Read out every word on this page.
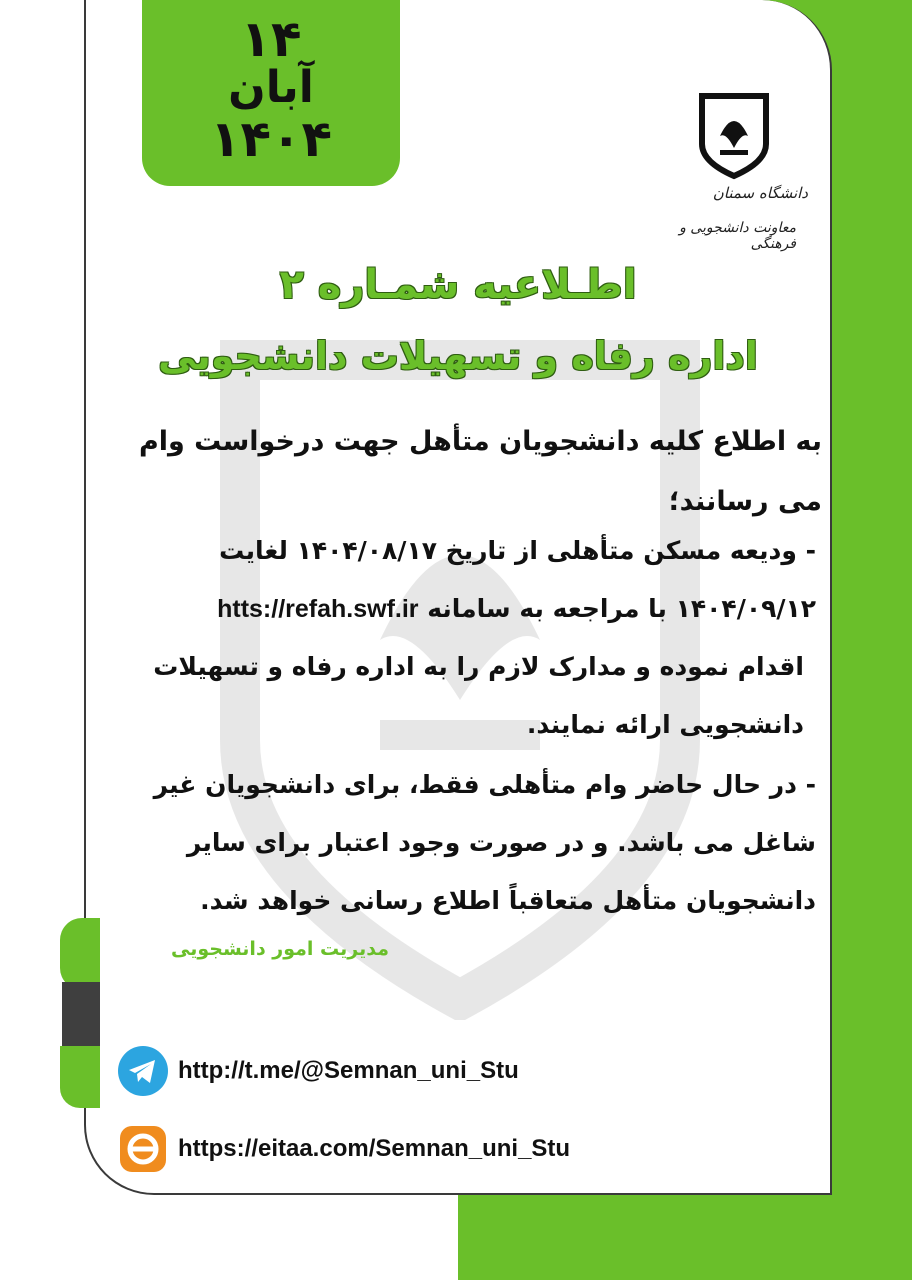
۱۴
آبان
۱۴۰۴
دانشگاه سمنان
معاونت دانشجویی و فرهنگی
اطـلاعیه شمـاره ۲
اداره رفاه و تسهیلات دانشجویی
به اطلاع کلیه دانشجویان متأهل جهت درخواست وام می رسانند؛
- ودیعه مسکن متأهلی از تاریخ ۱۴۰۴/۰۸/۱۷ لغایت ۱۴۰۴/۰۹/۱۲ با مراجعه به سامانه htts://refah.swf.ir
اقدام نموده و مدارک لازم را به اداره رفاه و تسهیلات دانشجویی ارائه نمایند.
- در حال حاضر وام متأهلی فقط، برای دانشجویان غیر شاغل می باشد. و در صورت وجود اعتبار برای سایر دانشجویان متأهل متعاقباً اطلاع رسانی خواهد شد.
مدیریت امور دانشجویی
http://t.me/@Semnan_uni_Stu
https://eitaa.com/Semnan_uni_Stu
